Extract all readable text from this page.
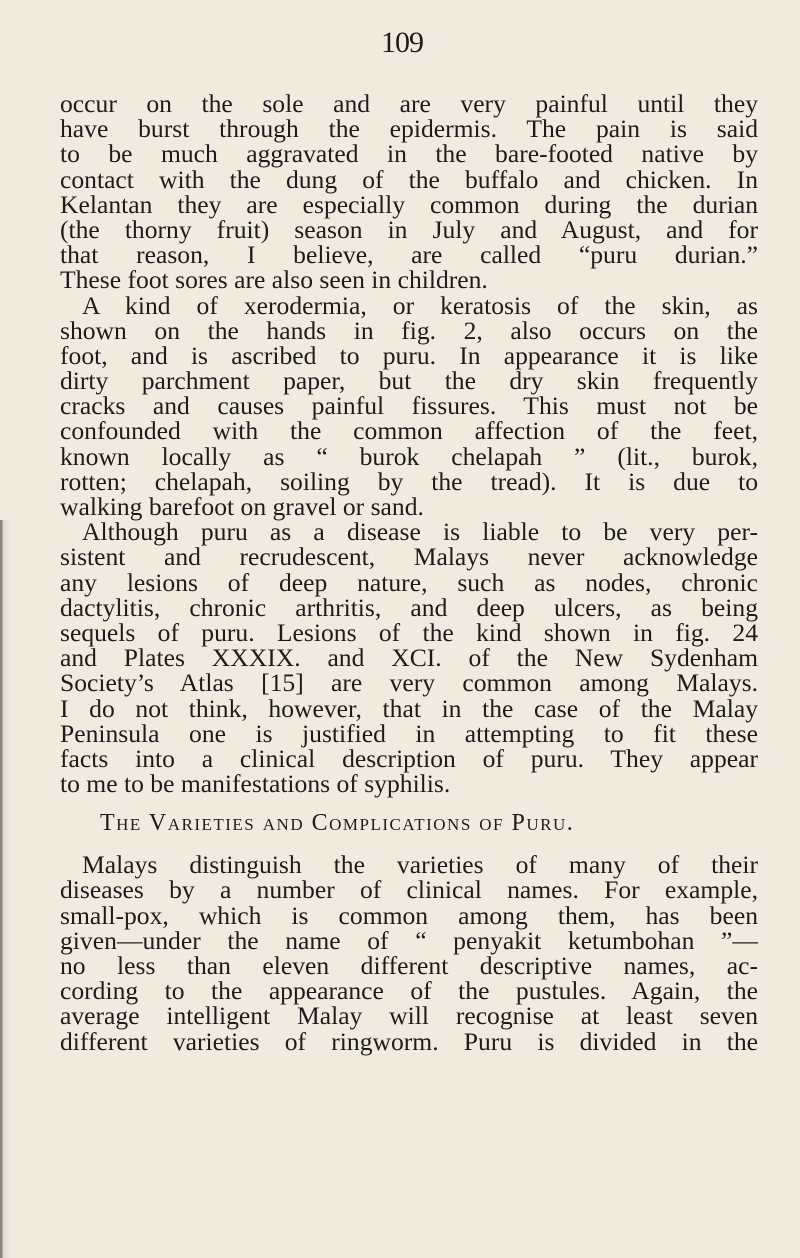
109
occur on the sole and are very painful until they
have burst through the epidermis. The pain is said
to be much aggravated in the bare-footed native by
contact with the dung of the buffalo and chicken. In
Kelantan they are especially common during the durian
(the thorny fruit) season in July and August, and for
that reason, I believe, are called “puru durian.”
These foot sores are also seen in children.
A kind of xerodermia, or keratosis of the skin, as
shown on the hands in fig. 2, also occurs on the
foot, and is ascribed to puru. In appearance it is like
dirty parchment paper, but the dry skin frequently
cracks and causes painful fissures. This must not be
confounded with the common affection of the feet,
known locally as “ burok chelapah ” (lit., burok,
rotten; chelapah, soiling by the tread). It is due to
walking barefoot on gravel or sand.
Although puru as a disease is liable to be very per-
sistent and recrudescent, Malays never acknowledge
any lesions of deep nature, such as nodes, chronic
dactylitis, chronic arthritis, and deep ulcers, as being
sequels of puru. Lesions of the kind shown in fig. 24
and Plates XXXIX. and XCI. of the New Sydenham
Society’s Atlas [15] are very common among Malays.
I do not think, however, that in the case of the Malay
Peninsula one is justified in attempting to fit these
facts into a clinical description of puru. They appear
to me to be manifestations of syphilis.
The Varieties and Complications of Puru.
Malays distinguish the varieties of many of their
diseases by a number of clinical names. For example,
small-pox, which is common among them, has been
given—under the name of “ penyakit ketumbohan ”—
no less than eleven different descriptive names, ac-
cording to the appearance of the pustules. Again, the
average intelligent Malay will recognise at least seven
different varieties of ringworm. Puru is divided in the
